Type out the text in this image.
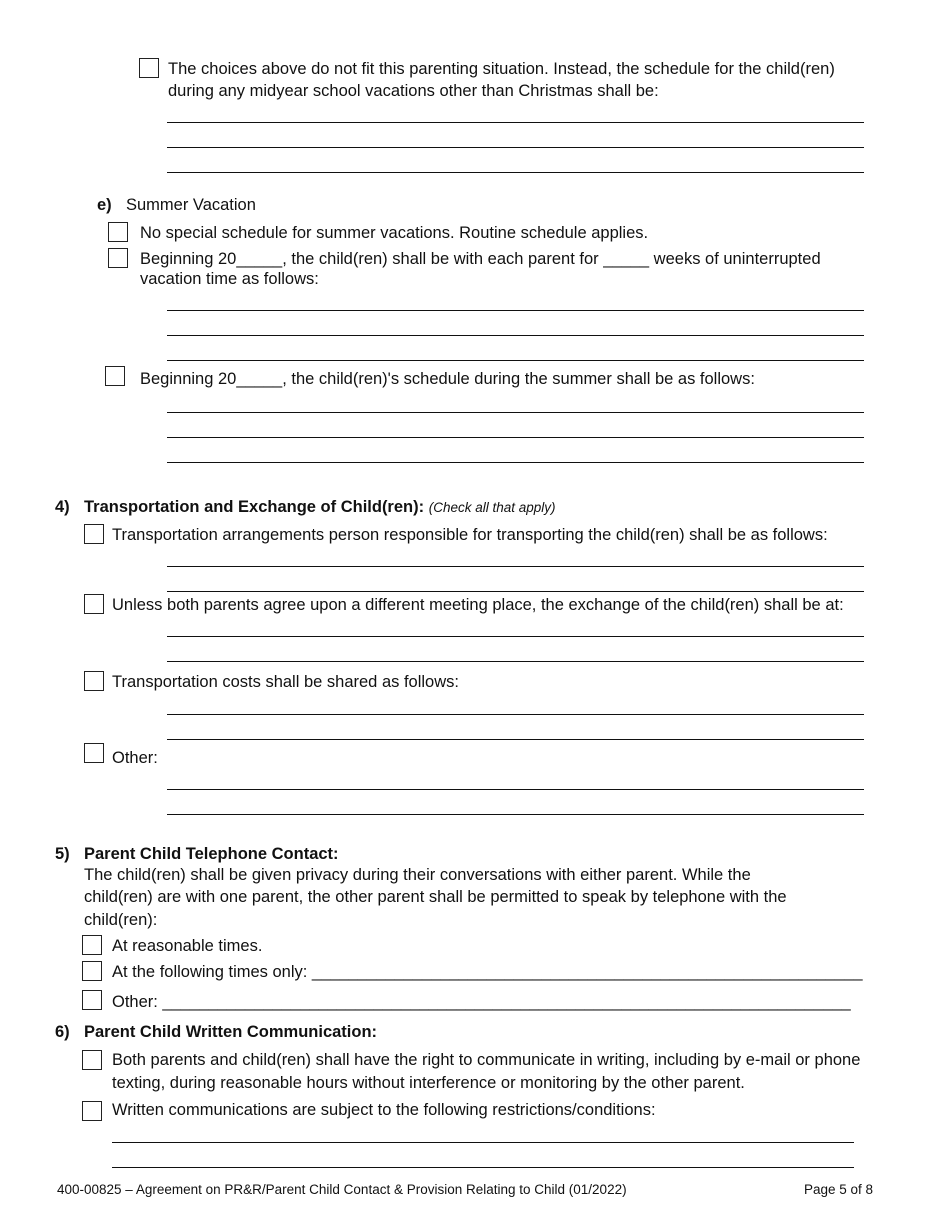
The choices above do not fit this parenting situation. Instead, the schedule for the child(ren)
during any midyear school vacations other than Christmas shall be:
e) Summer Vacation
No special schedule for summer vacations. Routine schedule applies.
Beginning 20_____, the child(ren) shall be with each parent for _____ weeks of uninterrupted
vacation time as follows:
Beginning 20_____, the child(ren)'s schedule during the summer shall be as follows:
4) Transportation and Exchange of Child(ren): (Check all that apply)
Transportation arrangements person responsible for transporting the child(ren) shall be as follows:
Unless both parents agree upon a different meeting place, the exchange of the child(ren) shall be at:
Transportation costs shall be shared as follows:
Other:
5) Parent Child Telephone Contact:
The child(ren) shall be given privacy during their conversations with either parent. While the
child(ren) are with one parent, the other parent shall be permitted to speak by telephone with the
child(ren):
At reasonable times.
At the following times only: ____________________________________________________________
Other: ___________________________________________________________________________
6) Parent Child Written Communication:
Both parents and child(ren) shall have the right to communicate in writing, including by e-mail or phone
texting, during reasonable hours without interference or monitoring by the other parent.
Written communications are subject to the following restrictions/conditions:
400-00825 – Agreement on PR&R/Parent Child Contact & Provision Relating to Child (01/2022)	Page 5 of 8
